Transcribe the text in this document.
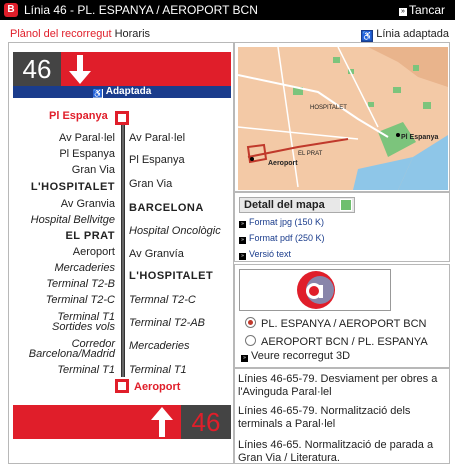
B Línia 46 - PL. ESPANYA / AEROPORT BCN	» Tancar
Plànol del recorregut Horaris	♿ Línia adaptada
46
♿ Adaptada
Pl Espanya
Av Paral·lel
Pl Espanya
Gran Via
L'HOSPITALET
Av Granvia
Hospital Bellvitge
EL PRAT
Aeroport
Mercaderies
Terminal T2-B
Terminal T2-C
Terminal T1
Sortides vols
Corredor
Barcelona/Madrid
Terminal T1
Av Paral·lel
Pl Espanya
Gran Via
BARCELONA
Hospital Oncològic
Av Granvía
L'HOSPITALET
Termnal T2-C
Terminal T2-AB
Mercaderies
Terminal T1
Aeroport
46
HOSPITALET
EL PRAT
Pl Espanya
Aeroport
Detall del mapa
» Format jpg (150 K)
» Format pdf (250 K)
» Versió text
PL. ESPANYA / AEROPORT BCN
AEROPORT BCN / PL. ESPANYA
» Veure recorregut 3D
Línies 46-65-79. Desviament per obres a l'Avinguda Paral·lel
Línies 46-65-79. Normalització dels terminals a Paral·lel
Línies 46-65. Normalització de parada a Gran Via / Literatura.
